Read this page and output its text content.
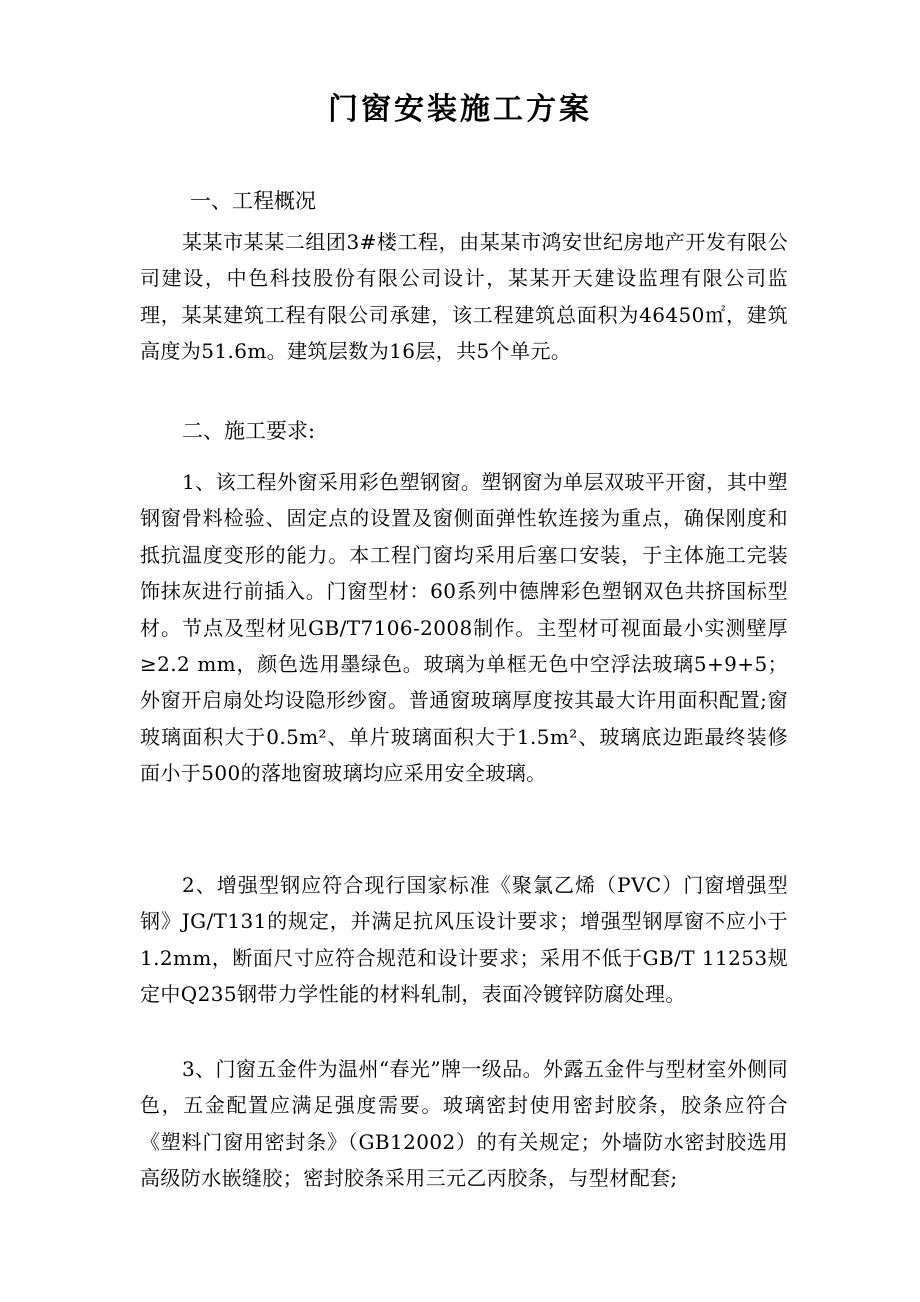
门窗安装施工方案
一、工程概况

某某市某某二组团3#楼工程，由某某市鸿安世纪房地产开发有限公司建设，中色科技股份有限公司设计，某某开天建设监理有限公司监理，某某建筑工程有限公司承建，该工程建筑总面积为46450㎡，建筑高度为51.6m。建筑层数为16层，共5个单元。

二、施工要求:

1、该工程外窗采用彩色塑钢窗。塑钢窗为单层双玻平开窗，其中塑钢窗骨料检验、固定点的设置及窗侧面弹性软连接为重点，确保刚度和抵抗温度变形的能力。本工程门窗均采用后塞口安装，于主体施工完装饰抹灰进行前插入。门窗型材：60系列中德牌彩色塑钢双色共挤国标型材。节点及型材见GB/T7106-2008制作。主型材可视面最小实测壁厚≥2.2 mm，颜色选用墨绿色。玻璃为单框无色中空浮法玻璃5+9+5；外窗开启扇处均设隐形纱窗。普通窗玻璃厚度按其最大许用面积配置;窗玻璃面积大于0.5m²、单片玻璃面积大于1.5m²、玻璃底边距最终装修面小于500的落地窗玻璃均应采用安全玻璃。

2、增强型钢应符合现行国家标准《聚氯乙烯（PVC）门窗增强型钢》JG/T131的规定，并满足抗风压设计要求；增强型钢厚窗不应小于1.2mm，断面尺寸应符合规范和设计要求；采用不低于GB/T 11253规定中Q235钢带力学性能的材料轧制，表面冷镀锌防腐处理。

3、门窗五金件为温州“春光”牌一级品。外露五金件与型材室外侧同色，五金配置应满足强度需要。玻璃密封使用密封胶条，胶条应符合《塑料门窗用密封条》（GB12002）的有关规定；外墙防水密封胶选用高级防水嵌缝胶；密封胶条采用三元乙丙胶条，与型材配套;
